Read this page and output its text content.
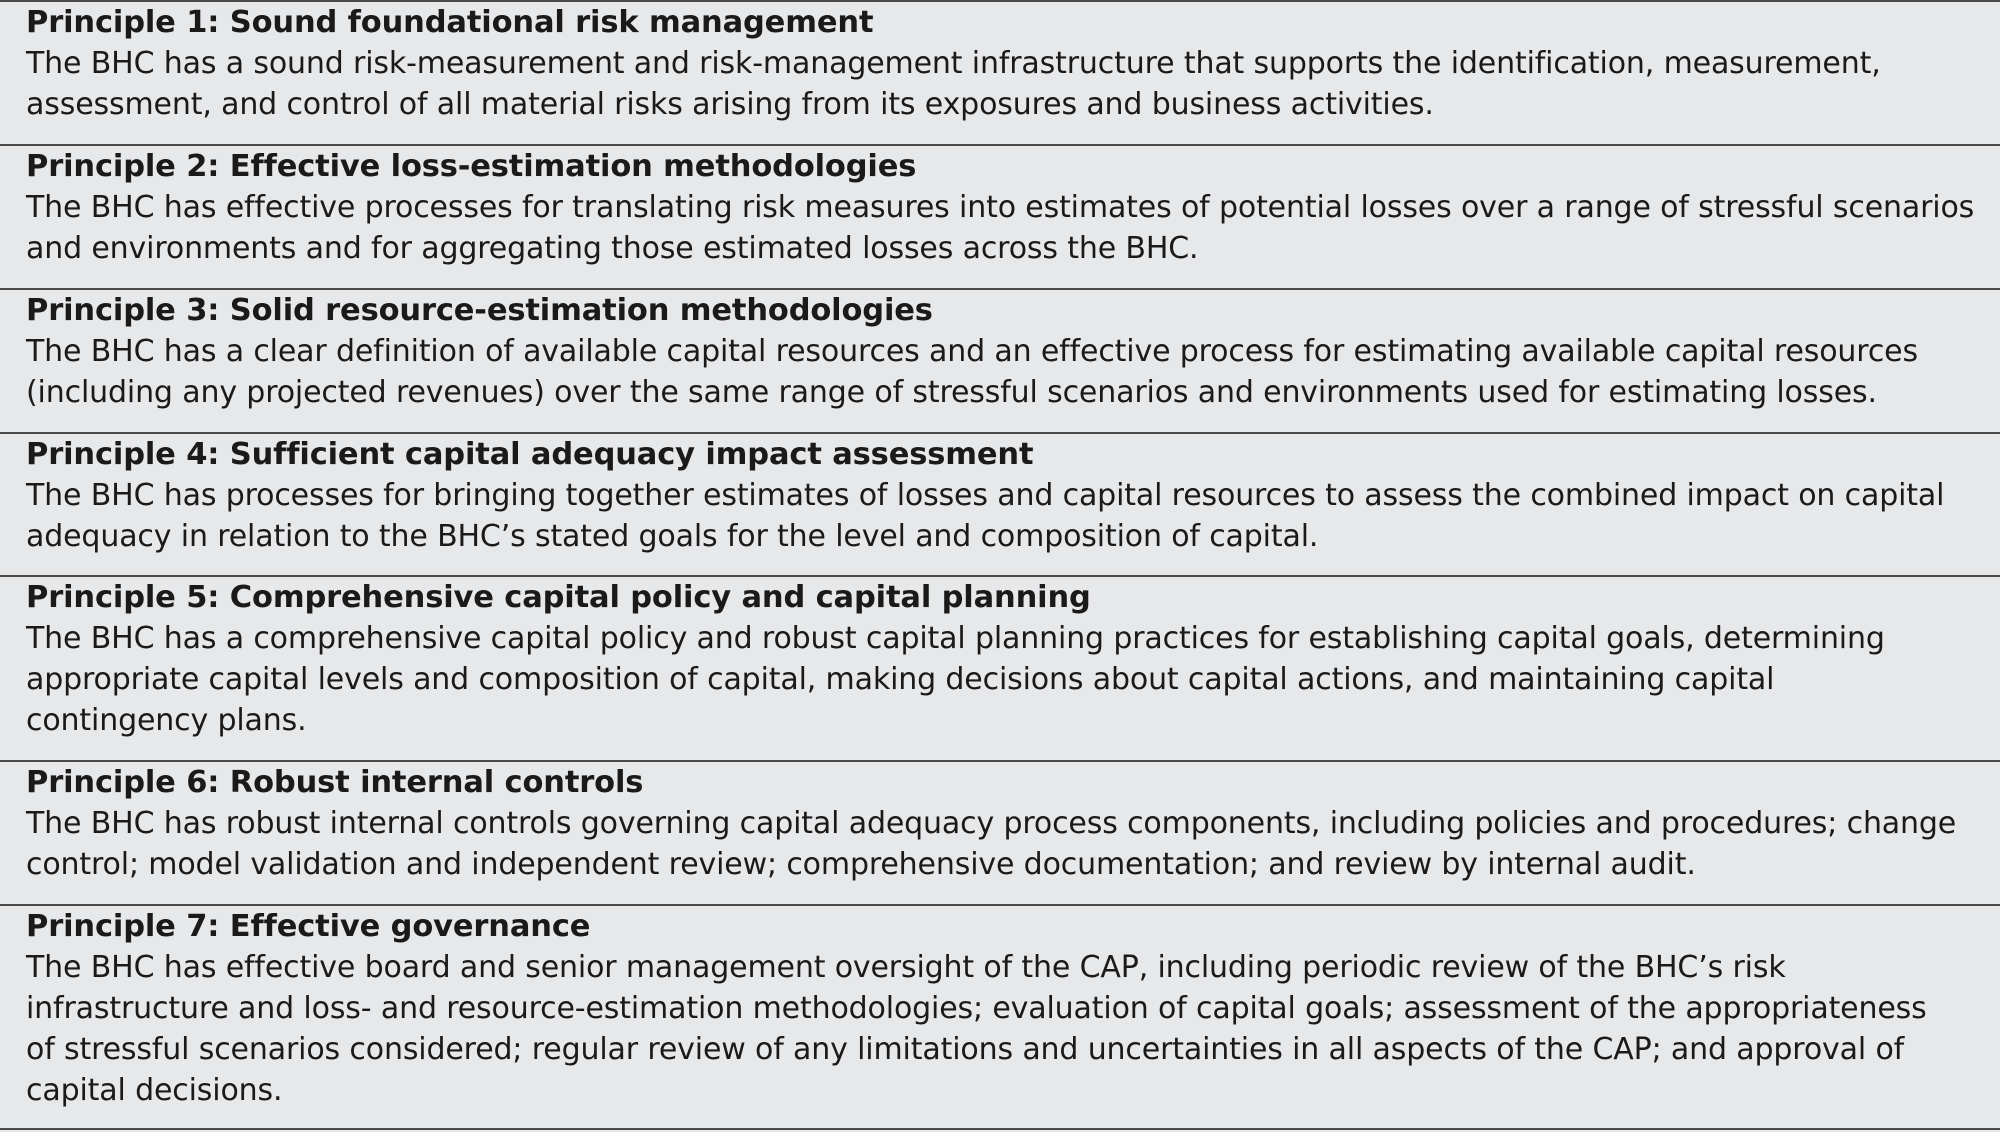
Principle 1: Sound foundational risk management
The BHC has a sound risk-measurement and risk-management infrastructure that supports the identification, measurement,
assessment, and control of all material risks arising from its exposures and business activities.
Principle 2: Effective loss-estimation methodologies
The BHC has effective processes for translating risk measures into estimates of potential losses over a range of stressful scenarios
and environments and for aggregating those estimated losses across the BHC.
Principle 3: Solid resource-estimation methodologies
The BHC has a clear definition of available capital resources and an effective process for estimating available capital resources
(including any projected revenues) over the same range of stressful scenarios and environments used for estimating losses.
Principle 4: Sufficient capital adequacy impact assessment
The BHC has processes for bringing together estimates of losses and capital resources to assess the combined impact on capital
adequacy in relation to the BHC’s stated goals for the level and composition of capital.
Principle 5: Comprehensive capital policy and capital planning
The BHC has a comprehensive capital policy and robust capital planning practices for establishing capital goals, determining
appropriate capital levels and composition of capital, making decisions about capital actions, and maintaining capital
contingency plans.
Principle 6: Robust internal controls
The BHC has robust internal controls governing capital adequacy process components, including policies and procedures; change
control; model validation and independent review; comprehensive documentation; and review by internal audit.
Principle 7: Effective governance
The BHC has effective board and senior management oversight of the CAP, including periodic review of the BHC’s risk
infrastructure and loss- and resource-estimation methodologies; evaluation of capital goals; assessment of the appropriateness
of stressful scenarios considered; regular review of any limitations and uncertainties in all aspects of the CAP; and approval of
capital decisions.
